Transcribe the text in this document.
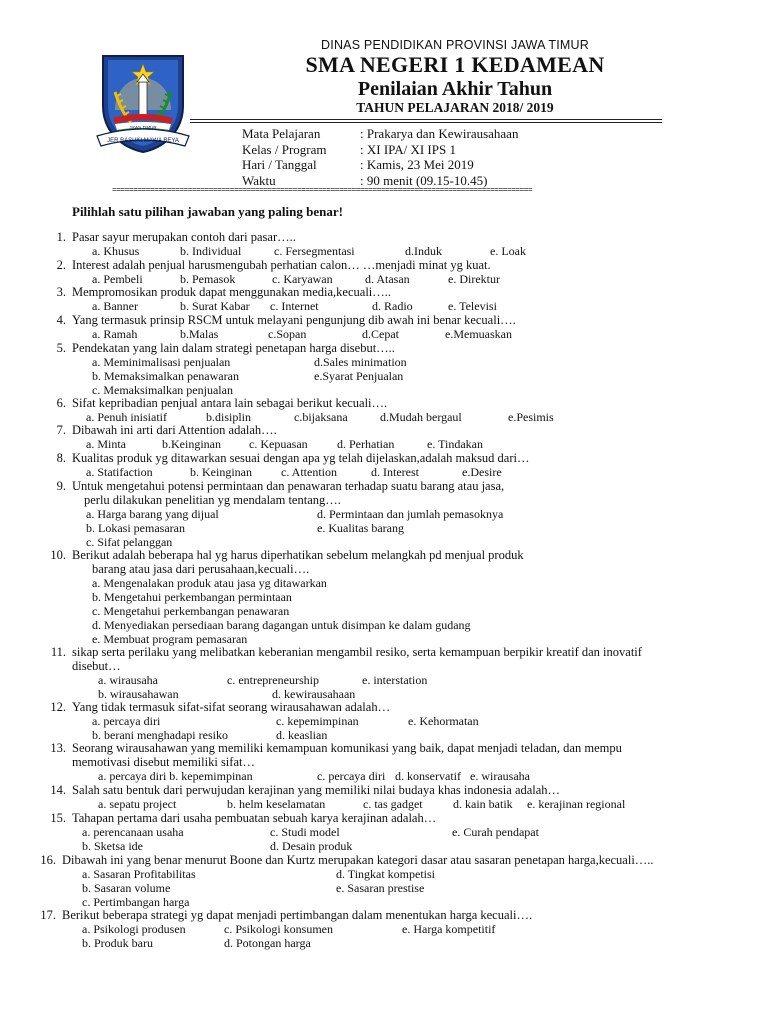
DINAS PENDIDIKAN PROVINSI JAWA TIMUR
SMA NEGERI 1 KEDAMEAN
Penilaian Akhir Tahun
TAHUN PELAJARAN 2018/ 2019
JER BASUKI MAWA BEYA
JAWA TIMUR	Mata Pelajaran	: Prakarya dan Kewirausahaan
Kelas / Program	: XI IPA/ XI IPS 1
Hari / Tanggal	: Kamis, 23 Mei 2019
Waktu	: 90 menit (09.15-10.45)
====================================================================================================
Pilihlah satu pilihan jawaban yang paling benar!
1. Pasar sayur merupakan contoh dari pasar…..
a. Khusus	b. Individual	c. Fersegmentasi	d.Induk	e. Loak
2. Interest adalah penjual harusmengubah perhatian calon… …menjadi minat yg kuat.
a. Pembeli	b. Pemasok	c. Karyawan	d. Atasan	e. Direktur
3. Mempromosikan produk dapat menggunakan media,kecuali…..
a. Banner	b. Surat Kabar c. Internet	d. Radio	e. Televisi
4. Yang termasuk prinsip RSCM untuk melayani pengunjung dib awah ini benar kecuali….
a. Ramah	b.Malas	c.Sopan	d.Cepat	e.Memuaskan
5. Pendekatan yang lain dalam strategi penetapan harga disebut…..
a. Meminimalisasi penjualan	d.Sales minimation
b. Memaksimalkan penawaran	e.Syarat Penjualan
c. Memaksimalkan penjualan
6. Sifat kepribadian penjual antara lain sebagai berikut kecuali….
a. Penuh inisiatif	b.disiplin	c.bijaksana	d.Mudah bergaul	e.Pesimis
7. Dibawah ini arti dari Attention adalah….
a. Minta	b.Keinginan c. Kepuasan d. Perhatian	e. Tindakan
8. Kualitas produk yg ditawarkan sesuai dengan apa yg telah dijelaskan,adalah maksud dari…
a. Statifaction	b. Keinginan c. Attention	d. Interest	e.Desire
9. Untuk mengetahui potensi permintaan dan penawaran terhadap suatu barang atau jasa,
perlu dilakukan penelitian yg mendalam tentang….
a. Harga barang yang dijual	d. Permintaan dan jumlah pemasoknya
b. Lokasi pemasaran	e. Kualitas barang
c. Sifat pelanggan
10. Berikut adalah beberapa hal yg harus diperhatikan sebelum melangkah pd menjual produk
barang atau jasa dari perusahaan,kecuali….
a. Mengenalakan produk atau jasa yg ditawarkan
b. Mengetahui perkembangan permintaan
c. Mengetahui perkembangan penawaran
d. Menyediakan persediaan barang dagangan untuk disimpan ke dalam gudang
e. Membuat program pemasaran
11. sikap serta perilaku yang melibatkan keberanian mengambil resiko, serta kemampuan berpikir kreatif dan inovatif
disebut…
a. wirausaha	c. entrepreneurship	e. interstation
b. wirausahawan	d. kewirausahaan
12. Yang tidak termasuk sifat-sifat seorang wirausahawan adalah…
a. percaya diri	c. kepemimpinan	e. Kehormatan
b. berani menghadapi resiko	d. keaslian
13. Seorang wirausahawan yang memiliki kemampuan komunikasi yang baik, dapat menjadi teladan, dan mempu
memotivasi disebut memiliki sifat…
a. percaya diri b. kepemimpinan	c. percaya diri d. konservatif e. wirausaha
14. Salah satu bentuk dari perwujudan kerajinan yang memiliki nilai budaya khas indonesia adalah…
a. sepatu project	b. helm keselamatan	c. tas gadget	d. kain batik e. kerajinan regional
15. Tahapan pertama dari usaha pembuatan sebuah karya kerajinan adalah…
a. perencanaan usaha	c. Studi model	e. Curah pendapat
b. Sketsa ide	d. Desain produk
16. Dibawah ini yang benar menurut Boone dan Kurtz merupakan kategori dasar atau sasaran penetapan harga,kecuali…..
a. Sasaran Profitabilitas	d. Tingkat kompetisi
b. Sasaran volume	e. Sasaran prestise
c. Pertimbangan harga
17. Berikut beberapa strategi yg dapat menjadi pertimbangan dalam menentukan harga kecuali….
a. Psikologi produsen	c. Psikologi konsumen	e. Harga kompetitif
b. Produk baru	d. Potongan harga
